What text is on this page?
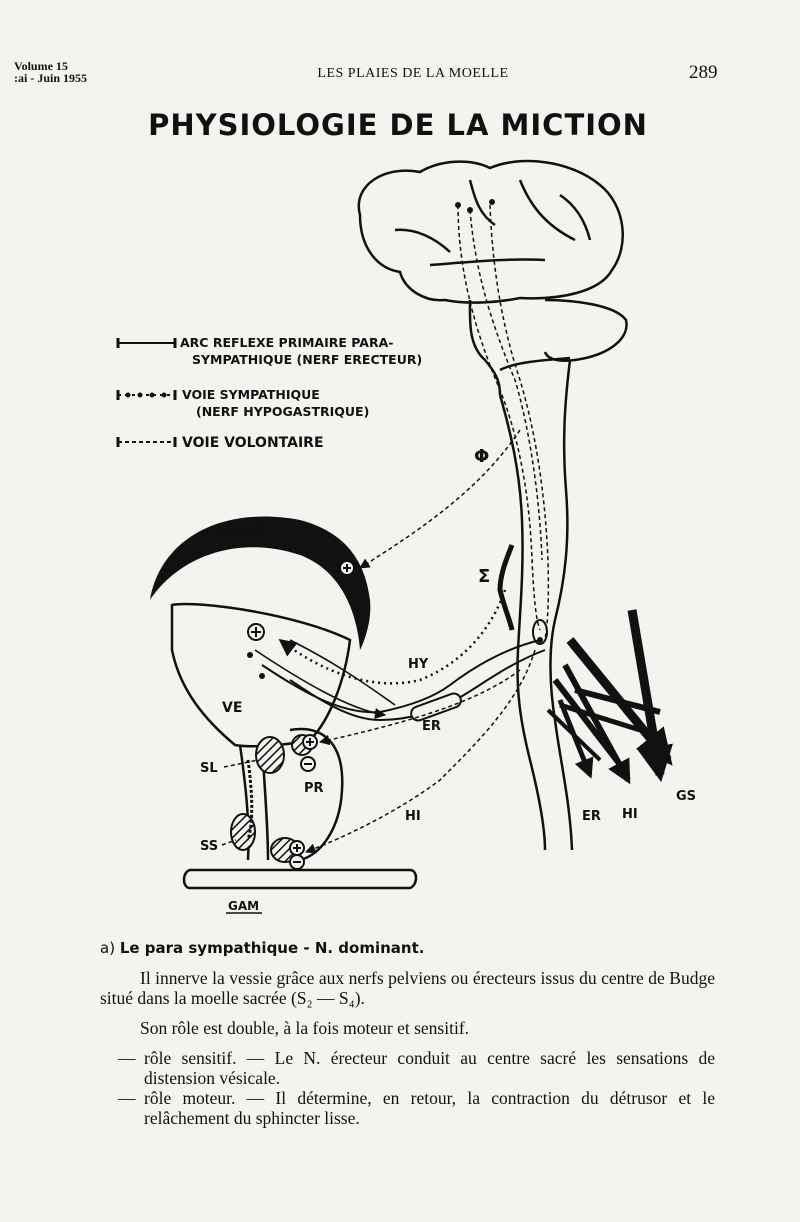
Volume 15
:ai - Juin 1955	LES PLAIES DE LA MOELLE	289
PHYSIOLOGIE DE LA MICTION
ARC REFLEXE PRIMAIRE PARA-
SYMPATHIQUE (NERF ERECTEUR)
VOIE SYMPATHIQUE
(NERF HYPOGASTRIQUE)
VOIE VOLONTAIRE
DIAPH
Φ
Σ
VE
SL
PR
SS
GAM
HY
ER
HI	ER HI
GS

a) Le para sympathique - N. dominant.

Il innerve la vessie grâce aux nerfs pelviens ou érecteurs issus du centre de Budge situé dans la moelle sacrée (S₂ — S₄).

Son rôle est double, à la fois moteur et sensitif.

— rôle sensitif. — Le N. érecteur conduit au centre sacré les sensations de distension vésicale.

— rôle moteur. — Il détermine, en retour, la contraction du détrusor et le relâchement du sphincter lisse.
